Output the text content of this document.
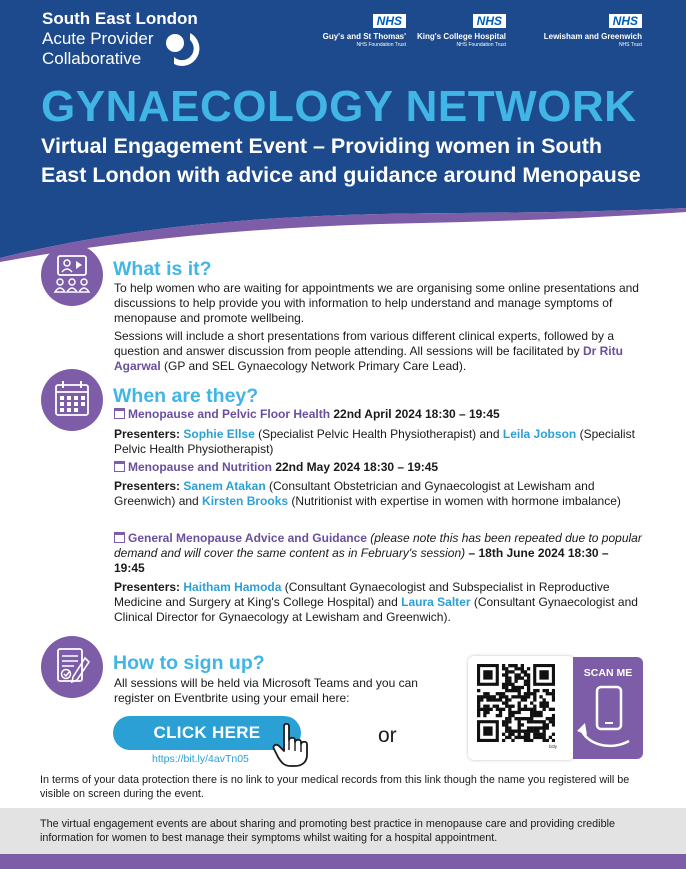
South East London
Acute Provider
Collaborative
NHS
Guy's and St Thomas'
NHS Foundation Trust
NHS
King's College Hospital
NHS Foundation Trust
NHS
Lewisham and Greenwich
NHS Trust
GYNAECOLOGY NETWORK
Virtual Engagement Event – Providing women in South East London with advice and guidance around Menopause
What is it?
To help women who are waiting for appointments we are organising some online presentations and discussions to help provide you with information to help understand and manage symptoms of menopause and promote wellbeing.
Sessions will include a short presentations from various different clinical experts, followed by a question and answer discussion from people attending. All sessions will be facilitated by Dr Ritu Agarwal (GP and SEL Gynaecology Network Primary Care Lead).
When are they?
Menopause and Pelvic Floor Health 22nd April 2024 18:30 – 19:45
Presenters: Sophie Ellse (Specialist Pelvic Health Physiotherapist) and Leila Jobson (Specialist Pelvic Health Physiotherapist)
Menopause and Nutrition 22nd May 2024 18:30 – 19:45
Presenters: Sanem Atakan (Consultant Obstetrician and Gynaecologist at Lewisham and Greenwich) and Kirsten Brooks (Nutritionist with expertise in women with hormone imbalance)
General Menopause Advice and Guidance (please note this has been repeated due to popular demand and will cover the same content as in February's session) – 18th June 2024 18:30 – 19:45
Presenters: Haitham Hamoda (Consultant Gynaecologist and Subspecialist in Reproductive Medicine and Surgery at King's College Hospital) and Laura Salter (Consultant Gynaecologist and Clinical Director for Gynaecology at Lewisham and Greenwich).
How to sign up?
All sessions will be held via Microsoft Teams and you can register on Eventbrite using your email here:
CLICK HERE
https://bit.ly/4avTn05
or	bitly
SCAN ME
In terms of your data protection there is no link to your medical records from this link though the name you registered will be visible on screen during the event.
The virtual engagement events are about sharing and promoting best practice in menopause care and providing credible information for women to best manage their symptoms whilst waiting for a hospital appointment.
